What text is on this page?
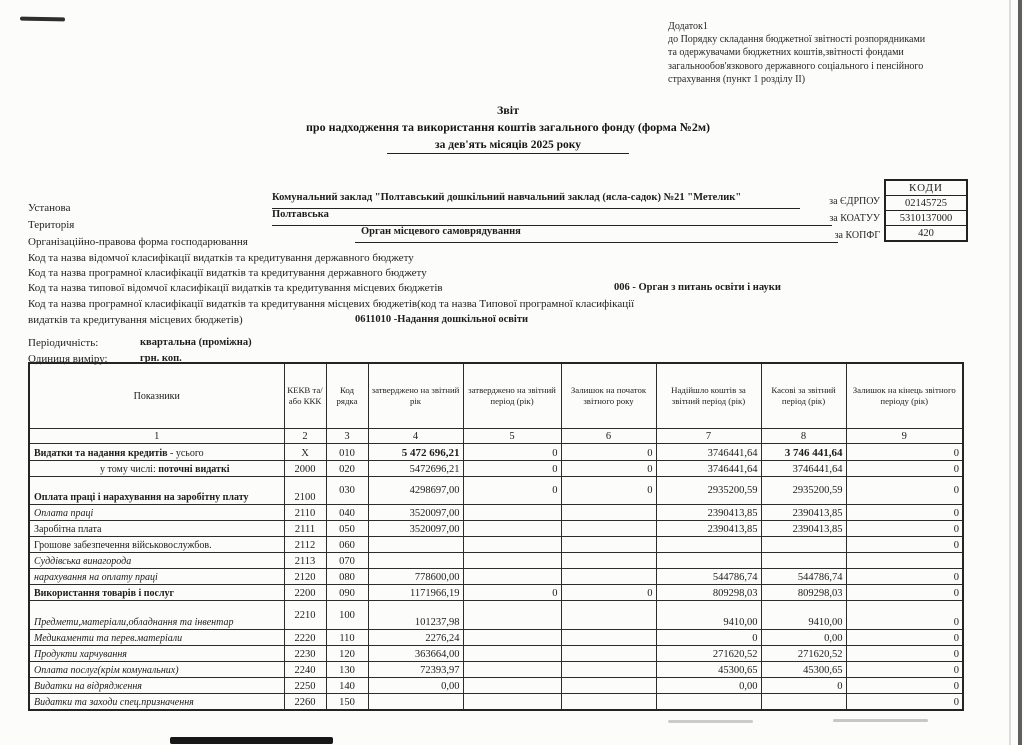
Додаток1
до Порядку складання бюджетної звітності розпорядниками
та одержувачами бюджетних коштів,звітності фондами
загальнообов'язкового державного соціального і пенсійного
страхування (пункт 1 розділу II)
Звіт
про надходження та використання коштів загального фонду (форма №2м)
за дев'ять місяців 2025 року
КОДИ
02145725
5310137000
420
за ЄДРПОУ
за КОАТУУ
за КОПФГ
Установа
Комунальний заклад "Полтавський дошкільний навчальний заклад (ясла-садок) №21 "Метелик"
Територія
Полтавська
Організаційно-правова форма господарювання
Орган місцевого самоврядування
Код та назва відомчої класифікації видатків та кредитування державного бюджету
Код та назва програмної класифікації видатків та кредитування державного бюджету
Код та назва типової відомчої класифікації видатків та кредитування місцевих бюджетів	006 - Орган з питань освіти і науки
Код та назва програмної класифікації видатків та кредитування місцевих бюджетів(код та назва Типової програмної класифікації
видатків та кредитування місцевих бюджетів)	0611010 -Надання дошкільної освіти
Періодичність:	квартальна (проміжна)
Одиниця виміру:	грн. коп.
Показники	КЕКВ та/або ККК	Код рядка	затверджено на звітний рік	затверджено на звітний період (рік)	Залишок на початок звітного року	Надійшло коштів за звітний період (рік)	Касові за звітний період (рік)	Залишок на кінець звітного періоду (рік)
1	2	3	4	5	6	7	8	9
Видатки та надання кредитів - усього	X	010	5 472 696,21	0	0	3746441,64	3 746 441,64	0
у тому числі: поточні видаткі	2000	020	5472696,21	0	0	3746441,64	3746441,64	0
Оплата праці і нарахування на заробітну плату	2100	030	4298697,00	0	0	2935200,59	2935200,59	0
Оплата праці	2110	040	3520097,00			2390413,85	2390413,85	0
Заробітна плата	2111	050	3520097,00			2390413,85	2390413,85	0
Грошове забезпечення військовослужбов.	2112	060						0
Суддівська винагорода	2113	070						
нарахування на оплату праці	2120	080	778600,00			544786,74	544786,74	0
Використання товарів і послуг	2200	090	1171966,19	0	0	809298,03	809298,03	0
Предмети,матеріали,обладнання та інвентар	2210	100	101237,98			9410,00	9410,00	0
Медикаменти та перев.матеріали	2220	110	2276,24			0	0,00	0
Продукти харчування	2230	120	363664,00			271620,52	271620,52	0
Оплата послуг(крім комунальних)	2240	130	72393,97			45300,65	45300,65	0
Видатки на відрядження	2250	140	0,00			0,00	0	0
Видатки та заходи спец.призначення	2260	150						0
